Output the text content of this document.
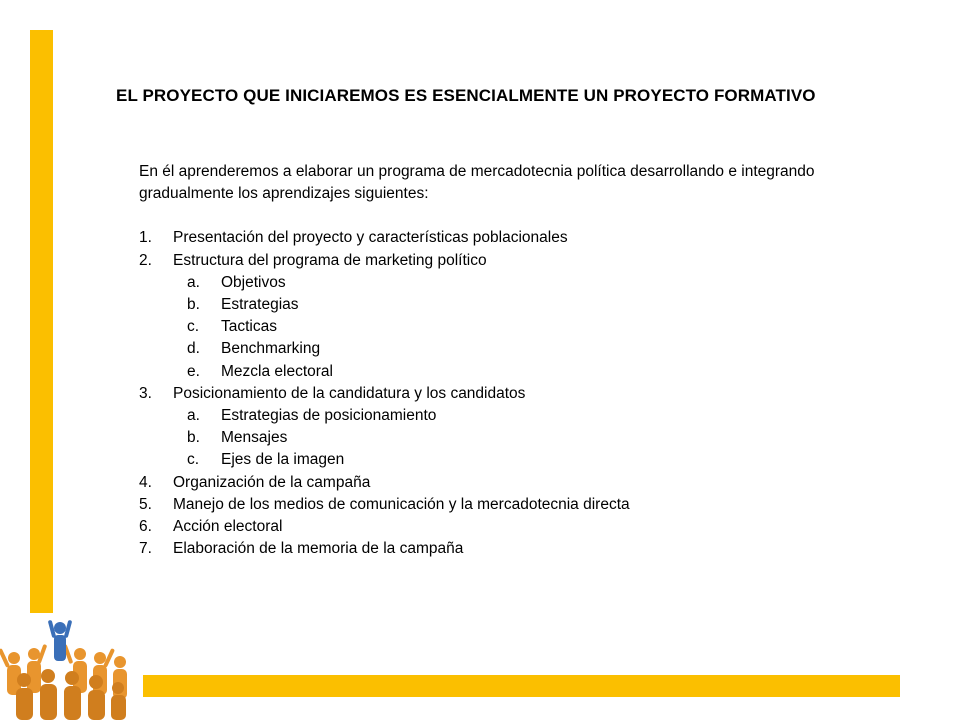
EL PROYECTO QUE INICIAREMOS ES ESENCIALMENTE UN PROYECTO FORMATIVO

En él aprenderemos a elaborar un programa de mercadotecnia política desarrollando e integrando gradualmente los aprendizajes siguientes:

1.	Presentación del proyecto y características poblacionales
2.	Estructura del programa de marketing político
a.	Objetivos
b.	Estrategias
c.	Tacticas
d.	Benchmarking
e.	Mezcla electoral
3.	Posicionamiento de la candidatura y los candidatos
a.	Estrategias de posicionamiento
b.	Mensajes
c.	Ejes de la imagen
4.	Organización de la campaña
5.	Manejo de los medios de comunicación y la mercadotecnia directa
6.	Acción electoral
7.	Elaboración de la memoria de la campaña
